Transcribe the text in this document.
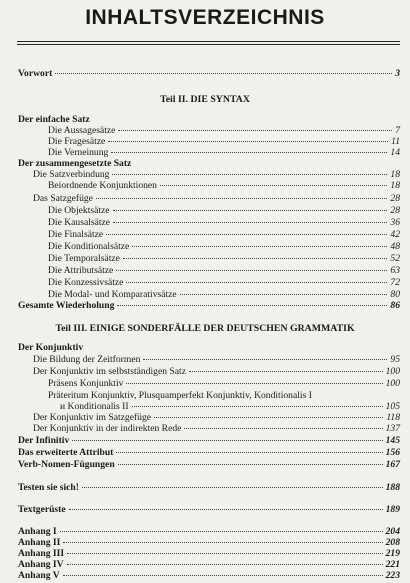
INHALTSVERZEICHNIS
Vorwort	3
Teil II. DIE SYNTAX
Der einfache Satz
Die Aussagesätze	7
Die Fragesätze	11
Die Verneinung	14
Der zusammengesetzte Satz
Die Satzverbindung	18
Beiordnende Konjunktionen	18
Das Satzgefüge	28
Die Objektsätze	28
Die Kausalsätze	36
Die Finalsätze	42
Die Konditionalsätze	48
Die Temporalsätze	52
Die Attributsätze	63
Die Konzessivsätze	72
Die Modal- und Komparativsätze	80
Gesamte Wiederholung	86
Teil III. EINIGE SONDERFÄLLE DER DEUTSCHEN GRAMMATIK
Der Konjunktiv
Die Bildung der Zeitformen	95
Der Konjunktiv im selbstständigen Satz	100
Präsens Konjunktiv	100
Präteritum Konjunktiv, Plusquamperfekt Konjunktiv, Konditionalis I
и Konditionalis II	105
Der Konjunktiv im Satzgefüge	118
Der Konjunktiv in der indirekten Rede	137
Der Infinitiv	145
Das erweiterte Attribut	156
Verb-Nomen-Fügungen	167
Testen sie sich!	188
Textgerüste	189
Anhang I	204
Anhang II	208
Anhang III	219
Anhang IV	221
Anhang V	223
